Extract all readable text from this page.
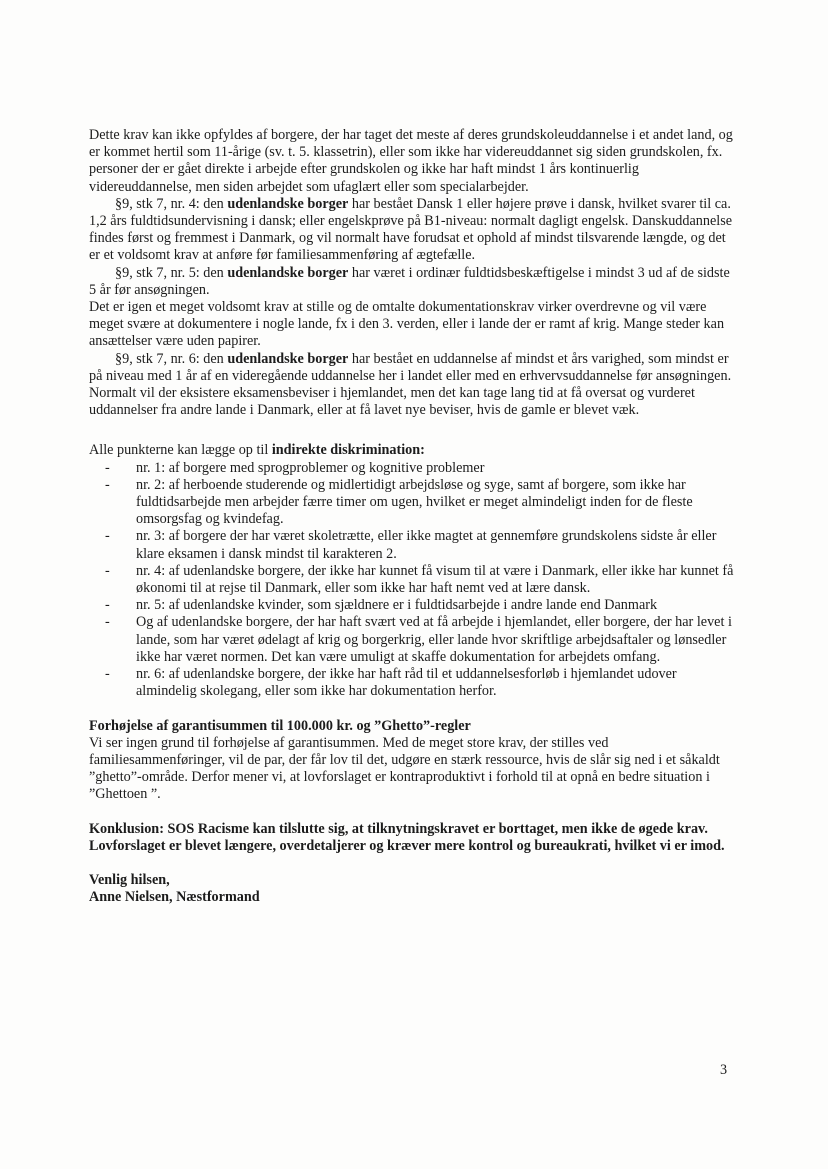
Dette krav kan ikke opfyldes af borgere, der har taget det meste af deres grundskoleuddannelse i et andet land, og er kommet hertil som 11-årige (sv. t. 5. klassetrin), eller som ikke har videreuddannet sig siden grundskolen, fx. personer der er gået direkte i arbejde efter grundskolen og ikke har haft mindst 1 års kontinuerlig videreuddannelse, men siden arbejdet som ufaglært eller som specialarbejder.

§9, stk 7, nr. 4: den udenlandske borger har bestået Dansk 1 eller højere prøve i dansk, hvilket svarer til ca. 1,2 års fuldtidsundervisning i dansk; eller engelskprøve på B1-niveau: normalt dagligt engelsk. Danskuddannelse findes først og fremmest i Danmark, og vil normalt have forudsat et ophold af mindst tilsvarende længde, og det er et voldsomt krav at anføre før familiesammenføring af ægtefælle.

§9, stk 7, nr. 5: den udenlandske borger har været i ordinær fuldtidsbeskæftigelse i mindst 3 ud af de sidste 5 år før ansøgningen.

Det er igen et meget voldsomt krav at stille og de omtalte dokumentationskrav virker overdrevne og vil være meget svære at dokumentere i nogle lande, fx i den 3. verden, eller i lande der er ramt af krig. Mange steder kan ansættelser være uden papirer.

§9, stk 7, nr. 6: den udenlandske borger har bestået en uddannelse af mindst et års varighed, som mindst er på niveau med 1 år af en videregående uddannelse her i landet eller med en erhvervsuddannelse før ansøgningen.

Normalt vil der eksistere eksamensbeviser i hjemlandet, men det kan tage lang tid at få oversat og vurderet uddannelser fra andre lande i Danmark, eller at få lavet nye beviser, hvis de gamle er blevet væk.

Alle punkterne kan lægge op til indirekte diskrimination:

- nr. 1: af borgere med sprogproblemer og kognitive problemer
- nr. 2: af herboende studerende og midlertidigt arbejdsløse og syge, samt af borgere, som ikke har fuldtidsarbejde men arbejder færre timer om ugen, hvilket er meget almindeligt inden for de fleste omsorgsfag og kvindefag.
- nr. 3: af borgere der har været skoletrætte, eller ikke magtet at gennemføre grundskolens sidste år eller klare eksamen i dansk mindst til karakteren 2.
- nr. 4: af udenlandske borgere, der ikke har kunnet få visum til at være i Danmark, eller ikke har kunnet få økonomi til at rejse til Danmark, eller som ikke har haft nemt ved at lære dansk.
- nr. 5: af udenlandske kvinder, som sjældnere er i fuldtidsarbejde i andre lande end Danmark
- Og af udenlandske borgere, der har haft svært ved at få arbejde i hjemlandet, eller borgere, der har levet i lande, som har været ødelagt af krig og borgerkrig, eller lande hvor skriftlige arbejdsaftaler og lønsedler ikke har været normen. Det kan være umuligt at skaffe dokumentation for arbejdets omfang.
- nr. 6: af udenlandske borgere, der ikke har haft råd til et uddannelsesforløb i hjemlandet udover almindelig skolegang, eller som ikke har dokumentation herfor.

Forhøjelse af garantisummen til 100.000 kr. og ”Ghetto”-regler

Vi ser ingen grund til forhøjelse af garantisummen. Med de meget store krav, der stilles ved familiesammenføringer, vil de par, der får lov til det, udgøre en stærk ressource, hvis de slår sig ned i et såkaldt ”ghetto”-område. Derfor mener vi, at lovforslaget er kontraproduktivt i forhold til at opnå en bedre situation i ”Ghettoen ”.

Konklusion: SOS Racisme kan tilslutte sig, at tilknytningskravet er borttaget, men ikke de øgede krav. Lovforslaget er blevet længere, overdetaljerer og kræver mere kontrol og bureaukrati, hvilket vi er imod.

Venlig hilsen,

Anne Nielsen, Næstformand

3
